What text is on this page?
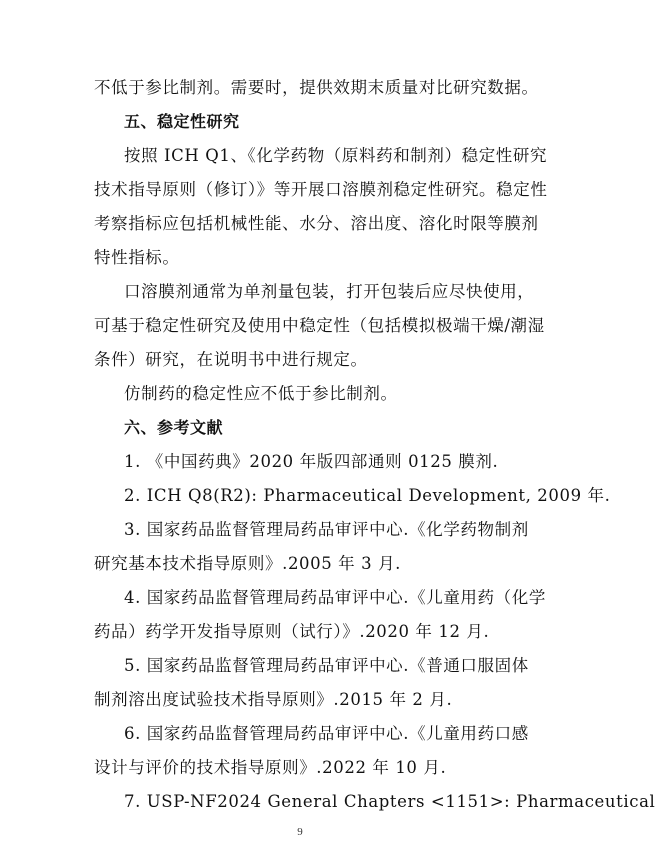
不低于参比制剂。需要时，提供效期末质量对比研究数据。
五、稳定性研究
按照 ICH Q1、《化学药物（原料药和制剂）稳定性研究
技术指导原则（修订）》等开展口溶膜剂稳定性研究。稳定性
考察指标应包括机械性能、水分、溶出度、溶化时限等膜剂
特性指标。
口溶膜剂通常为单剂量包装，打开包装后应尽快使用，
可基于稳定性研究及使用中稳定性（包括模拟极端干燥/潮湿
条件）研究，在说明书中进行规定。
仿制药的稳定性应不低于参比制剂。
六、参考文献
1. 《中国药典》2020 年版四部通则 0125 膜剂.
2. ICH Q8(R2): Pharmaceutical Development, 2009 年.
3. 国家药品监督管理局药品审评中心.《化学药物制剂
研究基本技术指导原则》.2005 年 3 月.
4. 国家药品监督管理局药品审评中心.《儿童用药（化学
药品）药学开发指导原则（试行）》.2020 年 12 月.
5. 国家药品监督管理局药品审评中心.《普通口服固体
制剂溶出度试验技术指导原则》.2015 年 2 月.
6. 国家药品监督管理局药品审评中心.《儿童用药口感
设计与评价的技术指导原则》.2022 年 10 月.
7. USP-NF2024 General Chapters <1151>: Pharmaceutical
9
